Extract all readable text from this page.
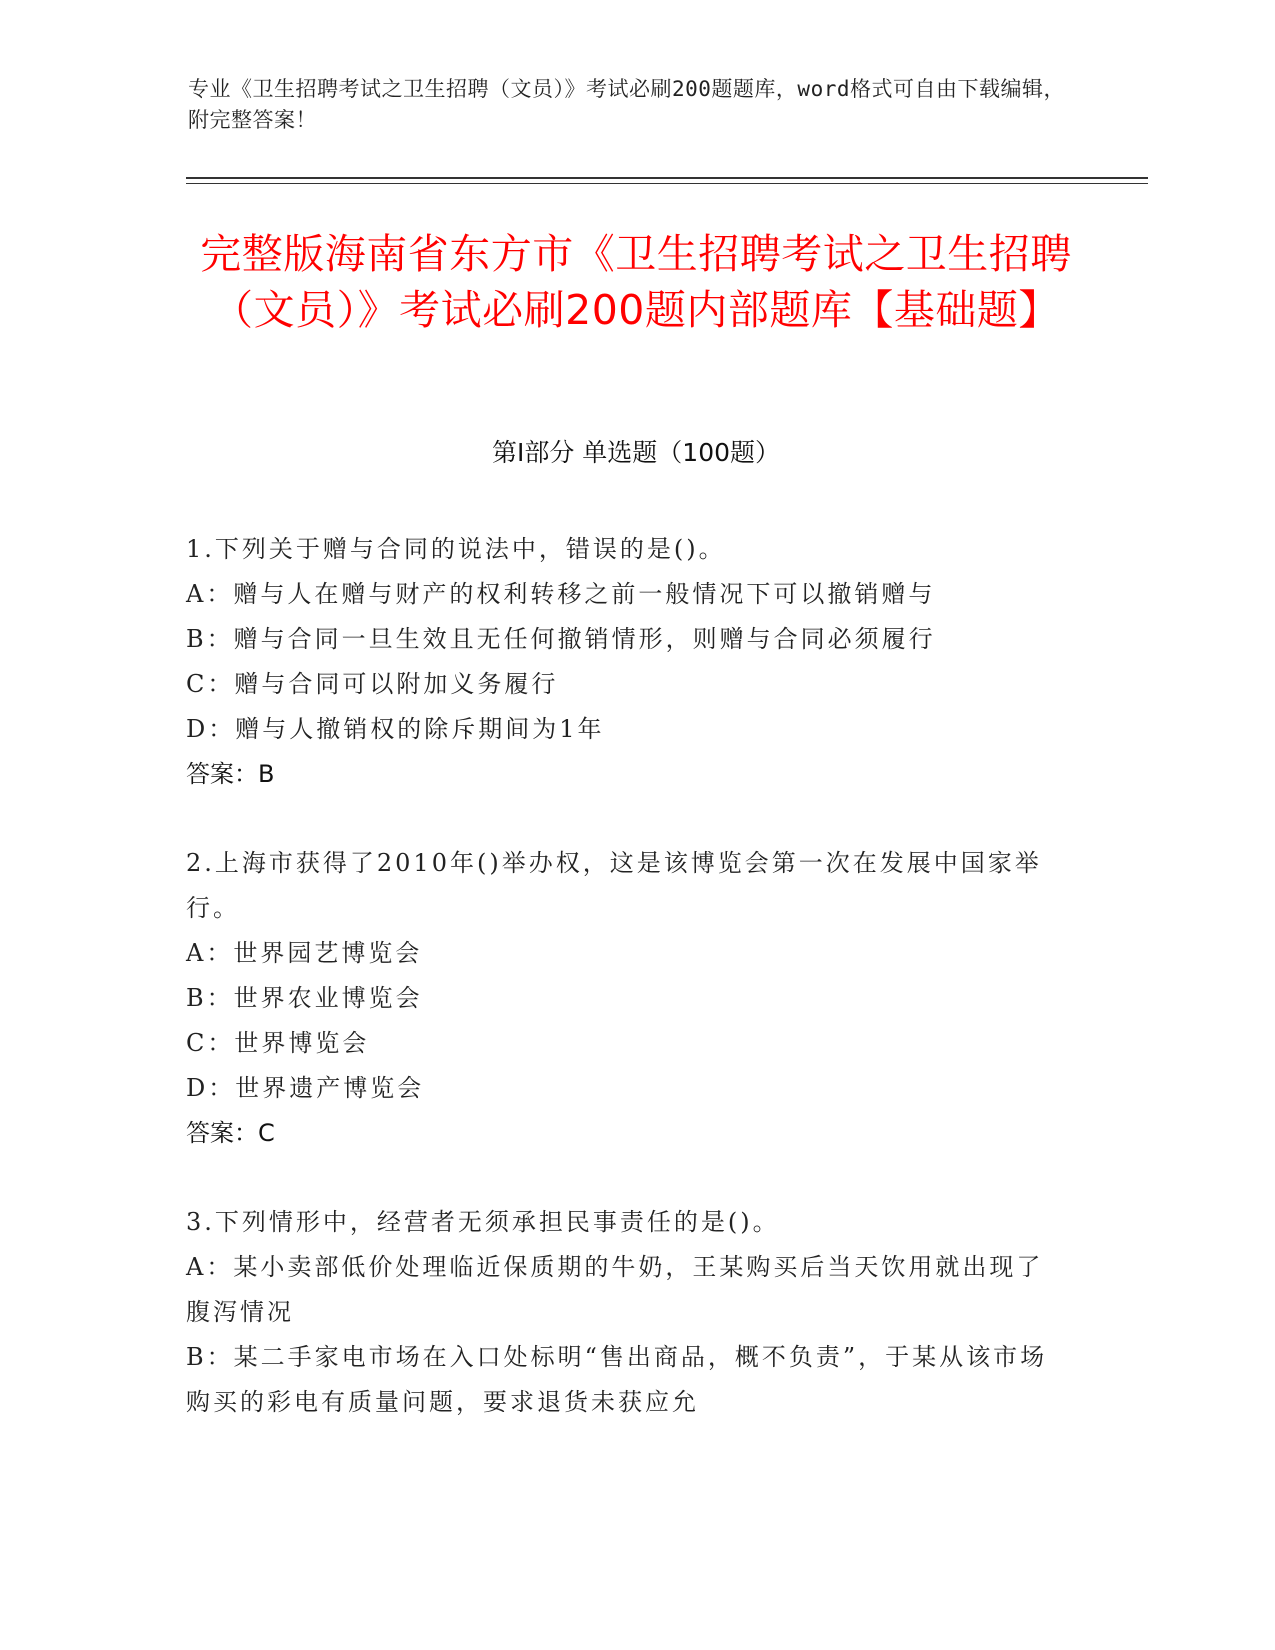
专业《卫生招聘考试之卫生招聘（文员）》考试必刷200题题库，word格式可自由下载编辑，附完整答案！
完整版海南省东方市《卫生招聘考试之卫生招聘（文员）》考试必刷200题内部题库【基础题】
第Ⅰ部分 单选题（100题）
1.下列关于赠与合同的说法中，错误的是()。
A：赠与人在赠与财产的权利转移之前一般情况下可以撤销赠与
B：赠与合同一旦生效且无任何撤销情形，则赠与合同必须履行
C：赠与合同可以附加义务履行
D：赠与人撤销权的除斥期间为1年
答案：B
2.上海市获得了2010年()举办权，这是该博览会第一次在发展中国家举行。
A：世界园艺博览会
B：世界农业博览会
C：世界博览会
D：世界遗产博览会
答案：C
3.下列情形中，经营者无须承担民事责任的是()。
A：某小卖部低价处理临近保质期的牛奶，王某购买后当天饮用就出现了腹泻情况
B：某二手家电市场在入口处标明“售出商品，概不负责”，于某从该市场购买的彩电有质量问题，要求退货未获应允
